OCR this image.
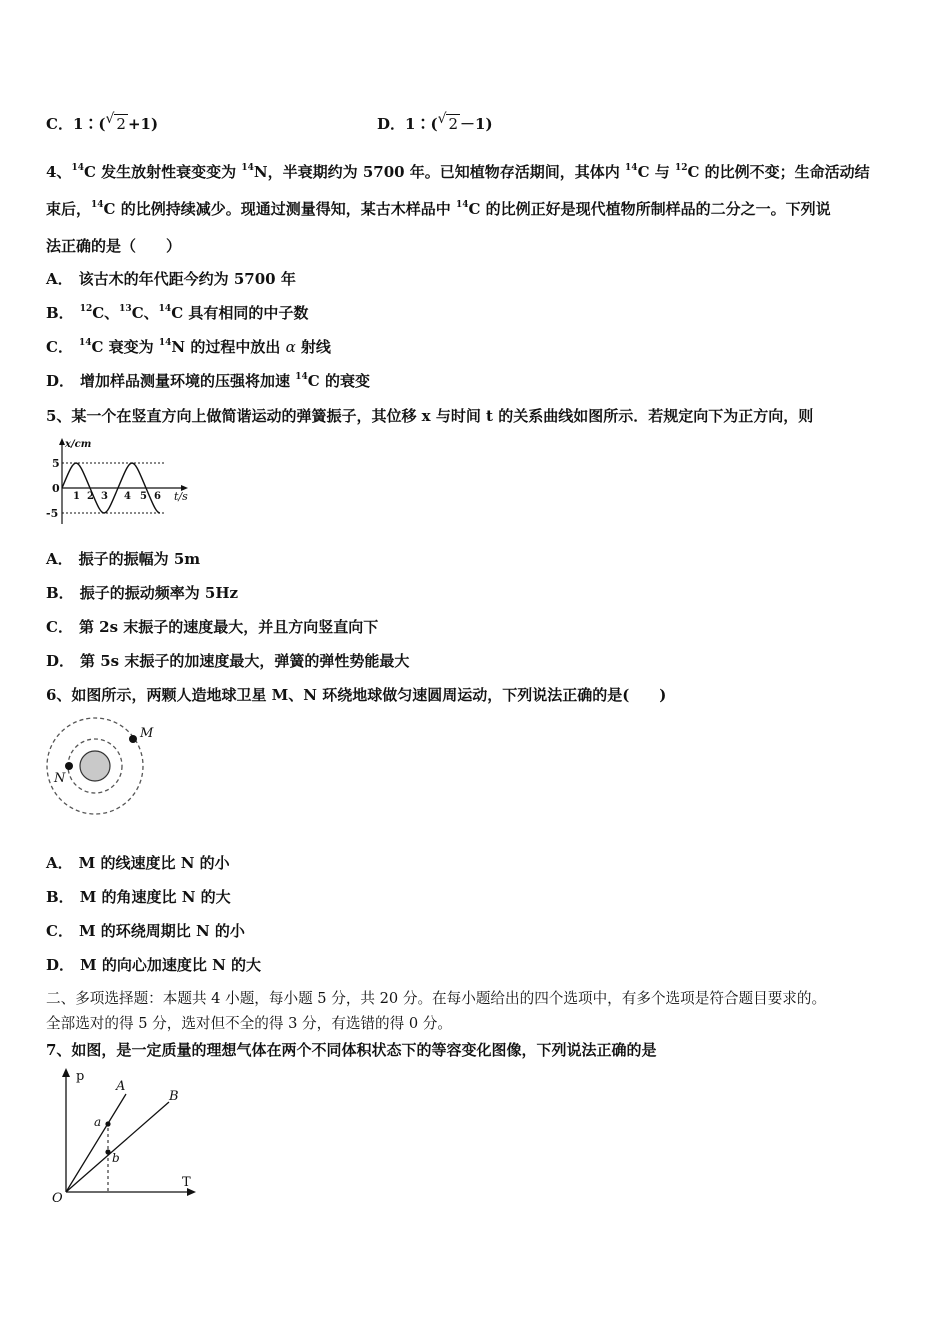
C．1∶(√ 2 +1)	D．1∶(√ 2 －1)
4、$^{14}$C 发生放射性衰变变为 $^{14}$N，半衰期约为 5700 年。已知植物存活期间，其体内 $^{14}$C 与 $^{12}$C 的比例不变；生命活动结
束后，$^{14}$C 的比例持续减少。现通过测量得知，某古木样品中 $^{14}$C 的比例正好是现代植物所制样品的二分之一。下列说
法正确的是（　　）
A． 该古木的年代距今约为 5700 年
B． $^{12}$C、$^{13}$C、$^{14}$C 具有相同的中子数
C． $^{14}$C 衰变为 $^{14}$N 的过程中放出 α 射线
D． 增加样品测量环境的压强将加速 $^{14}$C 的衰变
5、某一个在竖直方向上做简谐运动的弹簧振子，其位移 x 与时间 t 的关系曲线如图所示．若规定向下为正方向，则
x/cm
t/s
5
0
-5
1 2 3 4 5 6
A． 振子的振幅为 5m
B． 振子的振动频率为 5Hz
C． 第 2s 末振子的速度最大，并且方向竖直向下
D． 第 5s 末振子的加速度最大，弹簧的弹性势能最大
6、如图所示，两颗人造地球卫星 M、N 环绕地球做匀速圆周运动，下列说法正确的是(　　)
M
N
A． M 的线速度比 N 的小
B． M 的角速度比 N 的大
C． M 的环绕周期比 N 的小
D． M 的向心加速度比 N 的大
二、多项选择题：本题共 4 小题，每小题 5 分，共 20 分。在每小题给出的四个选项中，有多个选项是符合题目要求的。
全部选对的得 5 分，选对但不全的得 3 分，有选错的得 0 分。
7、如图，是一定质量的理想气体在两个不同体积状态下的等容变化图像，下列说法正确的是
p
T
O
A
B
a
b
